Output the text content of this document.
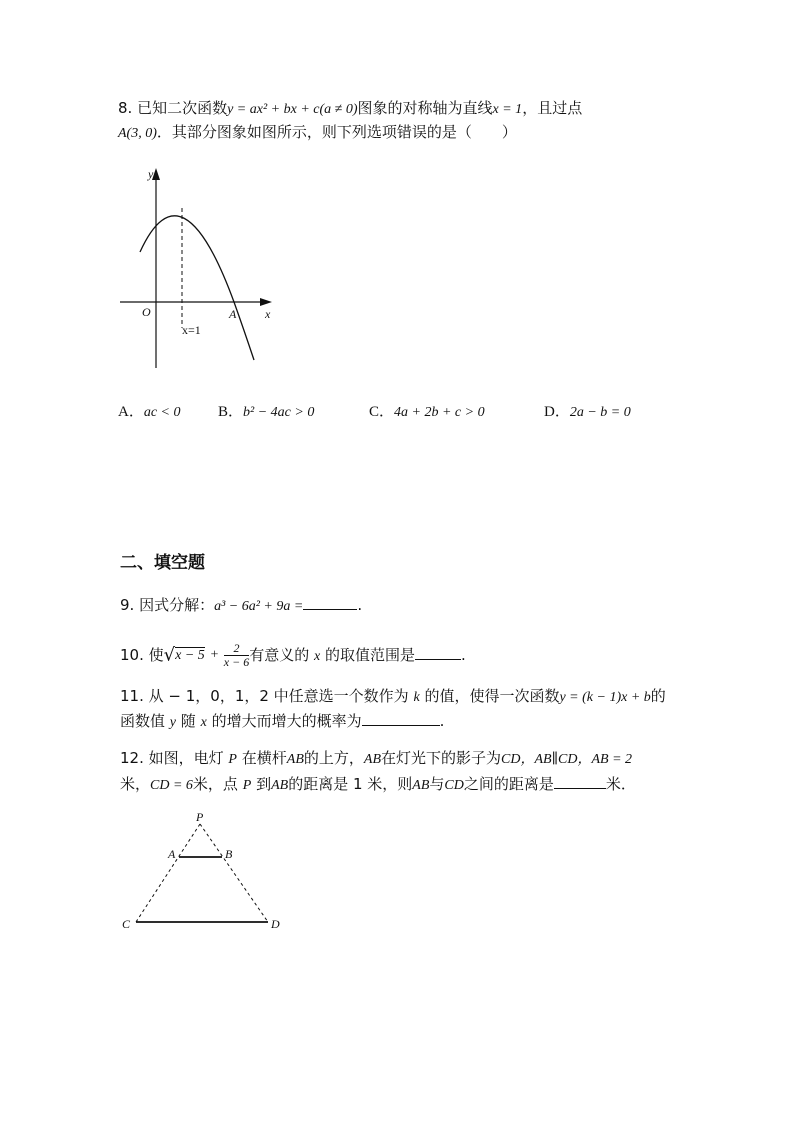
8. 已知二次函数y = ax² + bx + c(a ≠ 0)图象的对称轴为直线x = 1，且过点
A(3, 0)．其部分图象如图所示，则下列选项错误的是（　　）
y
x
O	A
x=1
A．ac < 0 B．b² − 4ac > 0	C．4a + 2b + c > 0	D．2a − b = 0
二、填空题
9. 因式分解：a³ − 6a² + 9a =	.
10. 使$√x - 5 + \frac{2}{x - 6}$ 有意义的 x 的取值范围是	.
11. 从 − 1，0，1，2 中任意选一个数作为 k 的值，使得一次函数y = (k − 1)x + b的
函数值 y 随 x 的增大而增大的概率为	.
12. 如图，电灯 P 在横杆AB的上方，AB在灯光下的影子为CD，AB∥CD，AB = 2
米，CD = 6米，点 P 到AB的距离是 1 米，则AB与CD之间的距离是	米．
P
A	B
C	D
